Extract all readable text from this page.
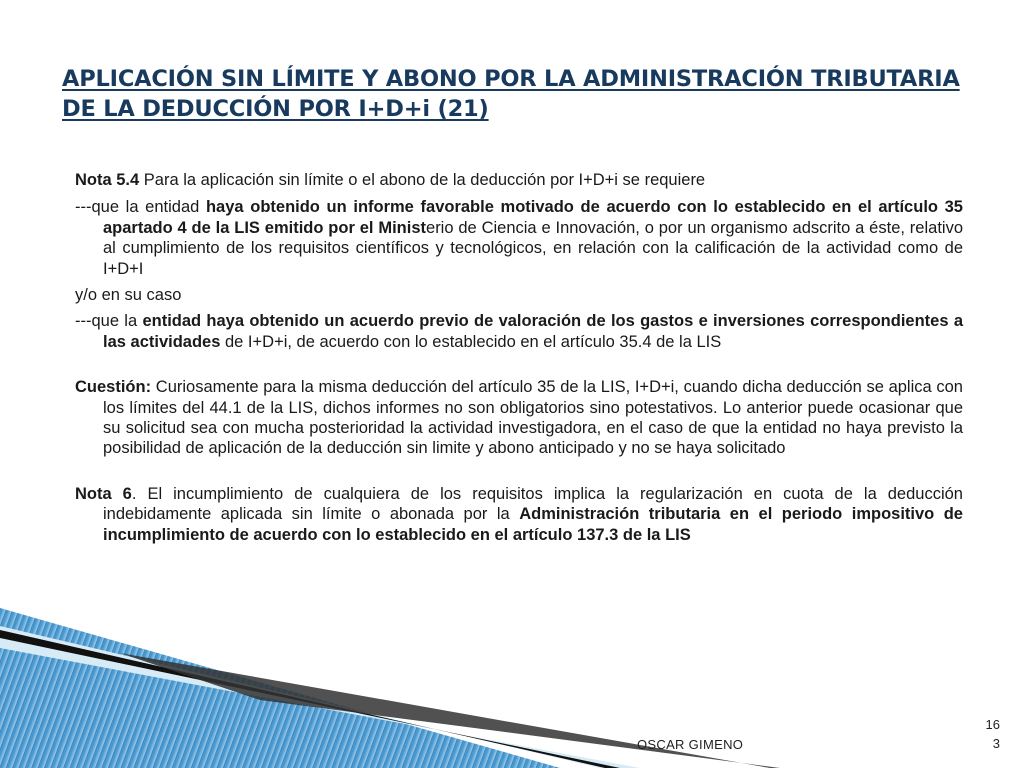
APLICACIÓN SIN LÍMITE Y ABONO POR LA ADMINISTRACIÓN TRIBUTARIA DE LA DEDUCCIÓN POR I+D+i (21)

Nota 5.4 Para la aplicación sin límite o el abono de la deducción por I+D+i se requiere

---que la entidad haya obtenido un informe favorable motivado de acuerdo con lo establecido en el artículo 35 apartado 4 de la LIS emitido por el Ministerio de Ciencia e Innovación, o por un organismo adscrito a éste, relativo al cumplimiento de los requisitos científicos y tecnológicos, en relación con la calificación de la actividad como de I+D+I

y/o en su caso

---que la entidad haya obtenido un acuerdo previo de valoración de los gastos e inversiones correspondientes a las actividades de I+D+i, de acuerdo con lo establecido en el artículo 35.4 de la LIS

Cuestión: Curiosamente para la misma deducción del artículo 35 de la LIS, I+D+i, cuando dicha deducción se aplica con los límites del 44.1 de la LIS, dichos informes no son obligatorios sino potestativos. Lo anterior puede ocasionar que su solicitud sea con mucha posterioridad la actividad investigadora, en el caso de que la entidad no haya previsto la posibilidad de aplicación de la deducción sin limite y abono anticipado y no se haya solicitado

Nota 6. El incumplimiento de cualquiera de los requisitos implica la regularización en cuota de la deducción indebidamente aplicada sin límite o abonada por la Administración tributaria en el periodo impositivo de incumplimiento de acuerdo con lo establecido en el artículo 137.3 de la LIS

OSCAR GIMENO
16
3
